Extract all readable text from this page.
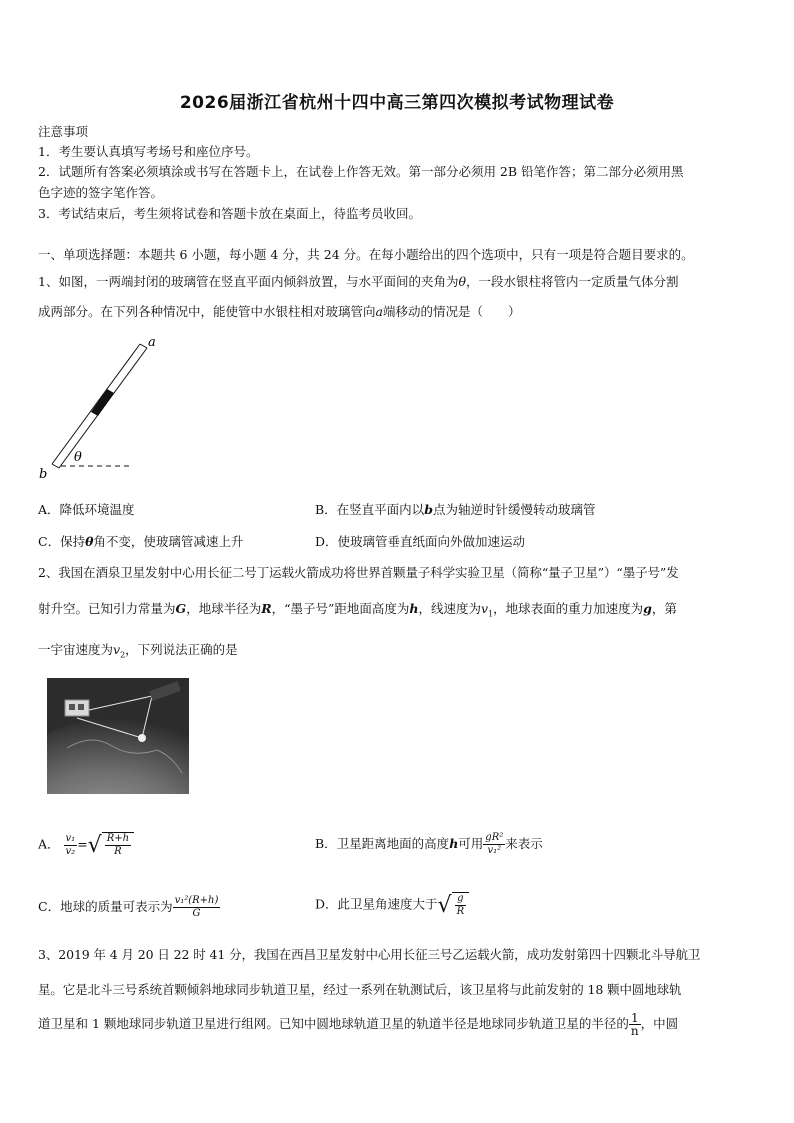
2026届浙江省杭州十四中高三第四次模拟考试物理试卷
注意事项
1．考生要认真填写考场号和座位序号。
2．试题所有答案必须填涂或书写在答题卡上，在试卷上作答无效。第一部分必须用 2B 铅笔作答；第二部分必须用黑
色字迹的签字笔作答。
3．考试结束后，考生须将试卷和答题卡放在桌面上，待监考员收回。
一、单项选择题：本题共 6 小题，每小题 4 分，共 24 分。在每小题给出的四个选项中，只有一项是符合题目要求的。
1、如图，一两端封闭的玻璃管在竖直平面内倾斜放置，与水平面间的夹角为θ，一段水银柱将管内一定质量气体分割
成两部分。在下列各种情况中，能使管中水银柱相对玻璃管向a端移动的情况是（　　）
a
b
θ
A．降低环境温度	B．在竖直平面内以b点为轴逆时针缓慢转动玻璃管
C．保持θ角不变，使玻璃管减速上升	D．使玻璃管垂直纸面向外做加速运动
2、我国在酒泉卫星发射中心用长征二号丁运载火箭成功将世界首颗量子科学实验卫星（简称“量子卫星”）“墨子号”发
射升空。已知引力常量为G，地球半径为R，“墨子号”距地面高度为h，线速度为$v_1$，地球表面的重力加速度为g，第
一宇宙速度为$v_2$，下列说法正确的是
A． $\frac{\text{v₁}}{\text{v₂}}$ =√ $\frac{R+h}{R}$	B．卫星距离地面的高度h可用 $\frac{\text{gR²}}{\text{v₁²}}$ 来表示
C．地球的质量可表示为 $\frac{\text{v₁²(R+h)}}{G}$	D．此卫星角速度大于√ $\frac{g}{R}$
3、2019 年 4 月 20 日 22 时 41 分，我国在西昌卫星发射中心用长征三号乙运载火箭，成功发射第四十四颗北斗导航卫
星。它是北斗三号系统首颗倾斜地球同步轨道卫星，经过一系列在轨测试后，该卫星将与此前发射的 18 颗中圆地球轨
道卫星和 1 颗地球同步轨道卫星进行组网。已知中圆地球轨道卫星的轨道半径是地球同步轨道卫星的半径的 $\frac{1}{n}$ ，中圆
